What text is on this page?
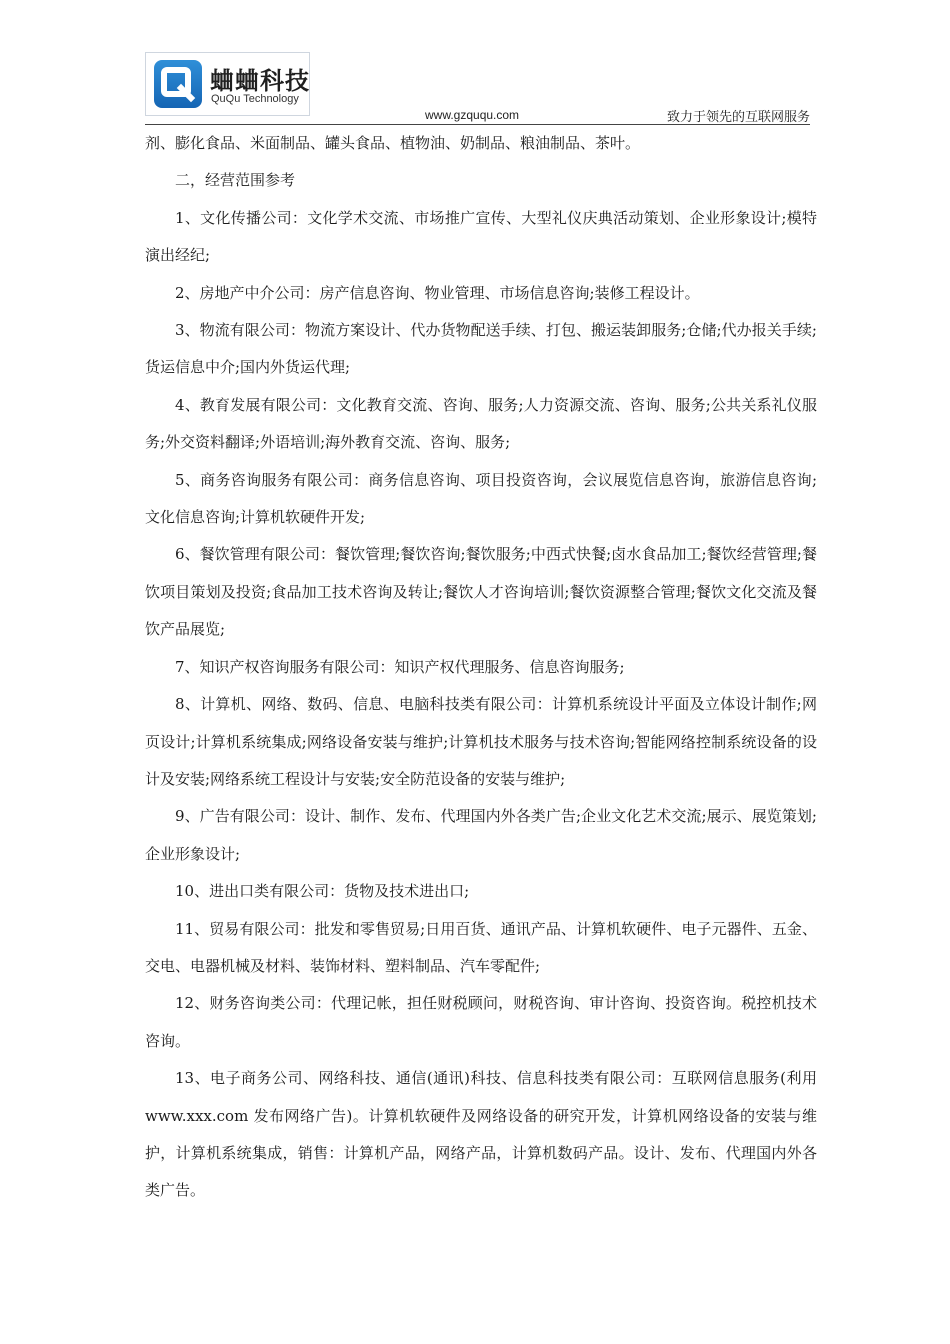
蛐蛐科技
QuQu Technology
www.gzququ.com	致力于领先的互联网服务

剂、膨化食品、米面制品、罐头食品、植物油、奶制品、粮油制品、茶叶。

二，经营范围参考

1、文化传播公司：文化学术交流、市场推广宣传、大型礼仪庆典活动策划、企业形象设计;模特演出经纪;

2、房地产中介公司：房产信息咨询、物业管理、市场信息咨询;装修工程设计。

3、物流有限公司：物流方案设计、代办货物配送手续、打包、搬运装卸服务;仓储;代办报关手续;货运信息中介;国内外货运代理;

4、教育发展有限公司：文化教育交流、咨询、服务;人力资源交流、咨询、服务;公共关系礼仪服务;外交资料翻译;外语培训;海外教育交流、咨询、服务;

5、商务咨询服务有限公司：商务信息咨询、项目投资咨询，会议展览信息咨询，旅游信息咨询;文化信息咨询;计算机软硬件开发;

6、餐饮管理有限公司：餐饮管理;餐饮咨询;餐饮服务;中西式快餐;卤水食品加工;餐饮经营管理;餐饮项目策划及投资;食品加工技术咨询及转让;餐饮人才咨询培训;餐饮资源整合管理;餐饮文化交流及餐饮产品展览;

7、知识产权咨询服务有限公司：知识产权代理服务、信息咨询服务;

8、计算机、网络、数码、信息、电脑科技类有限公司：计算机系统设计平面及立体设计制作;网页设计;计算机系统集成;网络设备安装与维护;计算机技术服务与技术咨询;智能网络控制系统设备的设计及安装;网络系统工程设计与安装;安全防范设备的安装与维护;

9、广告有限公司：设计、制作、发布、代理国内外各类广告;企业文化艺术交流;展示、展览策划;企业形象设计;

10、进出口类有限公司：货物及技术进出口;

11、贸易有限公司：批发和零售贸易;日用百货、通讯产品、计算机软硬件、电子元器件、五金、交电、电器机械及材料、装饰材料、塑料制品、汽车零配件;

12、财务咨询类公司：代理记帐，担任财税顾问，财税咨询、审计咨询、投资咨询。税控机技术咨询。

13、电子商务公司、网络科技、通信(通讯)科技、信息科技类有限公司：互联网信息服务(利用 www.xxx.com 发布网络广告)。计算机软硬件及网络设备的研究开发，计算机网络设备的安装与维护，计算机系统集成，销售：计算机产品，网络产品，计算机数码产品。设计、发布、代理国内外各类广告。
